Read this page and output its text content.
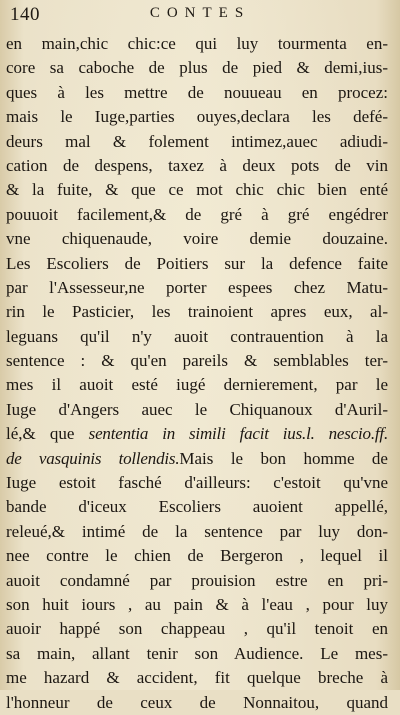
140	CONTES
en main,chic chic:ce qui luy tourmenta en-
core sa caboche de plus de pied & demi,ius-
ques à les mettre de nouueau en procez:
mais le Iuge,parties ouyes,declara les defé-
deurs mal & folement intimez,auec adiudi-
cation de despens, taxez à deux pots de vin
& la fuite, & que ce mot chic chic bien enté
pouuoit facilement,& de gré à gré engédrer
vne chiquenaude, voire demie douzaine.
Les Escoliers de Poitiers sur la defence faite
par l'Assesseur,ne porter espees chez Matu-
rin le Pasticier, les trainoient apres eux, al-
leguans qu'il n'y auoit contrauention à la
sentence : & qu'en pareils & semblables ter-
mes il auoit esté iugé dernierement, par le
Iuge d'Angers auec le Chiquanoux d'Auril-
lé,& que sententia in simili facit ius.l. nescio.ff.
de vasquinis tollendis.Mais le bon homme de
Iuge estoit fasché d'ailleurs: c'estoit qu'vne
bande d'iceux Escoliers auoient appellé,
releué,& intimé de la sentence par luy don-
nee contre le chien de Bergeron , lequel il
auoit condamné par prouision estre en pri-
son huit iours , au pain & à l'eau , pour luy
auoir happé son chappeau , qu'il tenoit en
sa main, allant tenir son Audience. Le mes-
me hazard & accident, fit quelque breche à
l'honneur de ceux de Nonnaitou, quand
